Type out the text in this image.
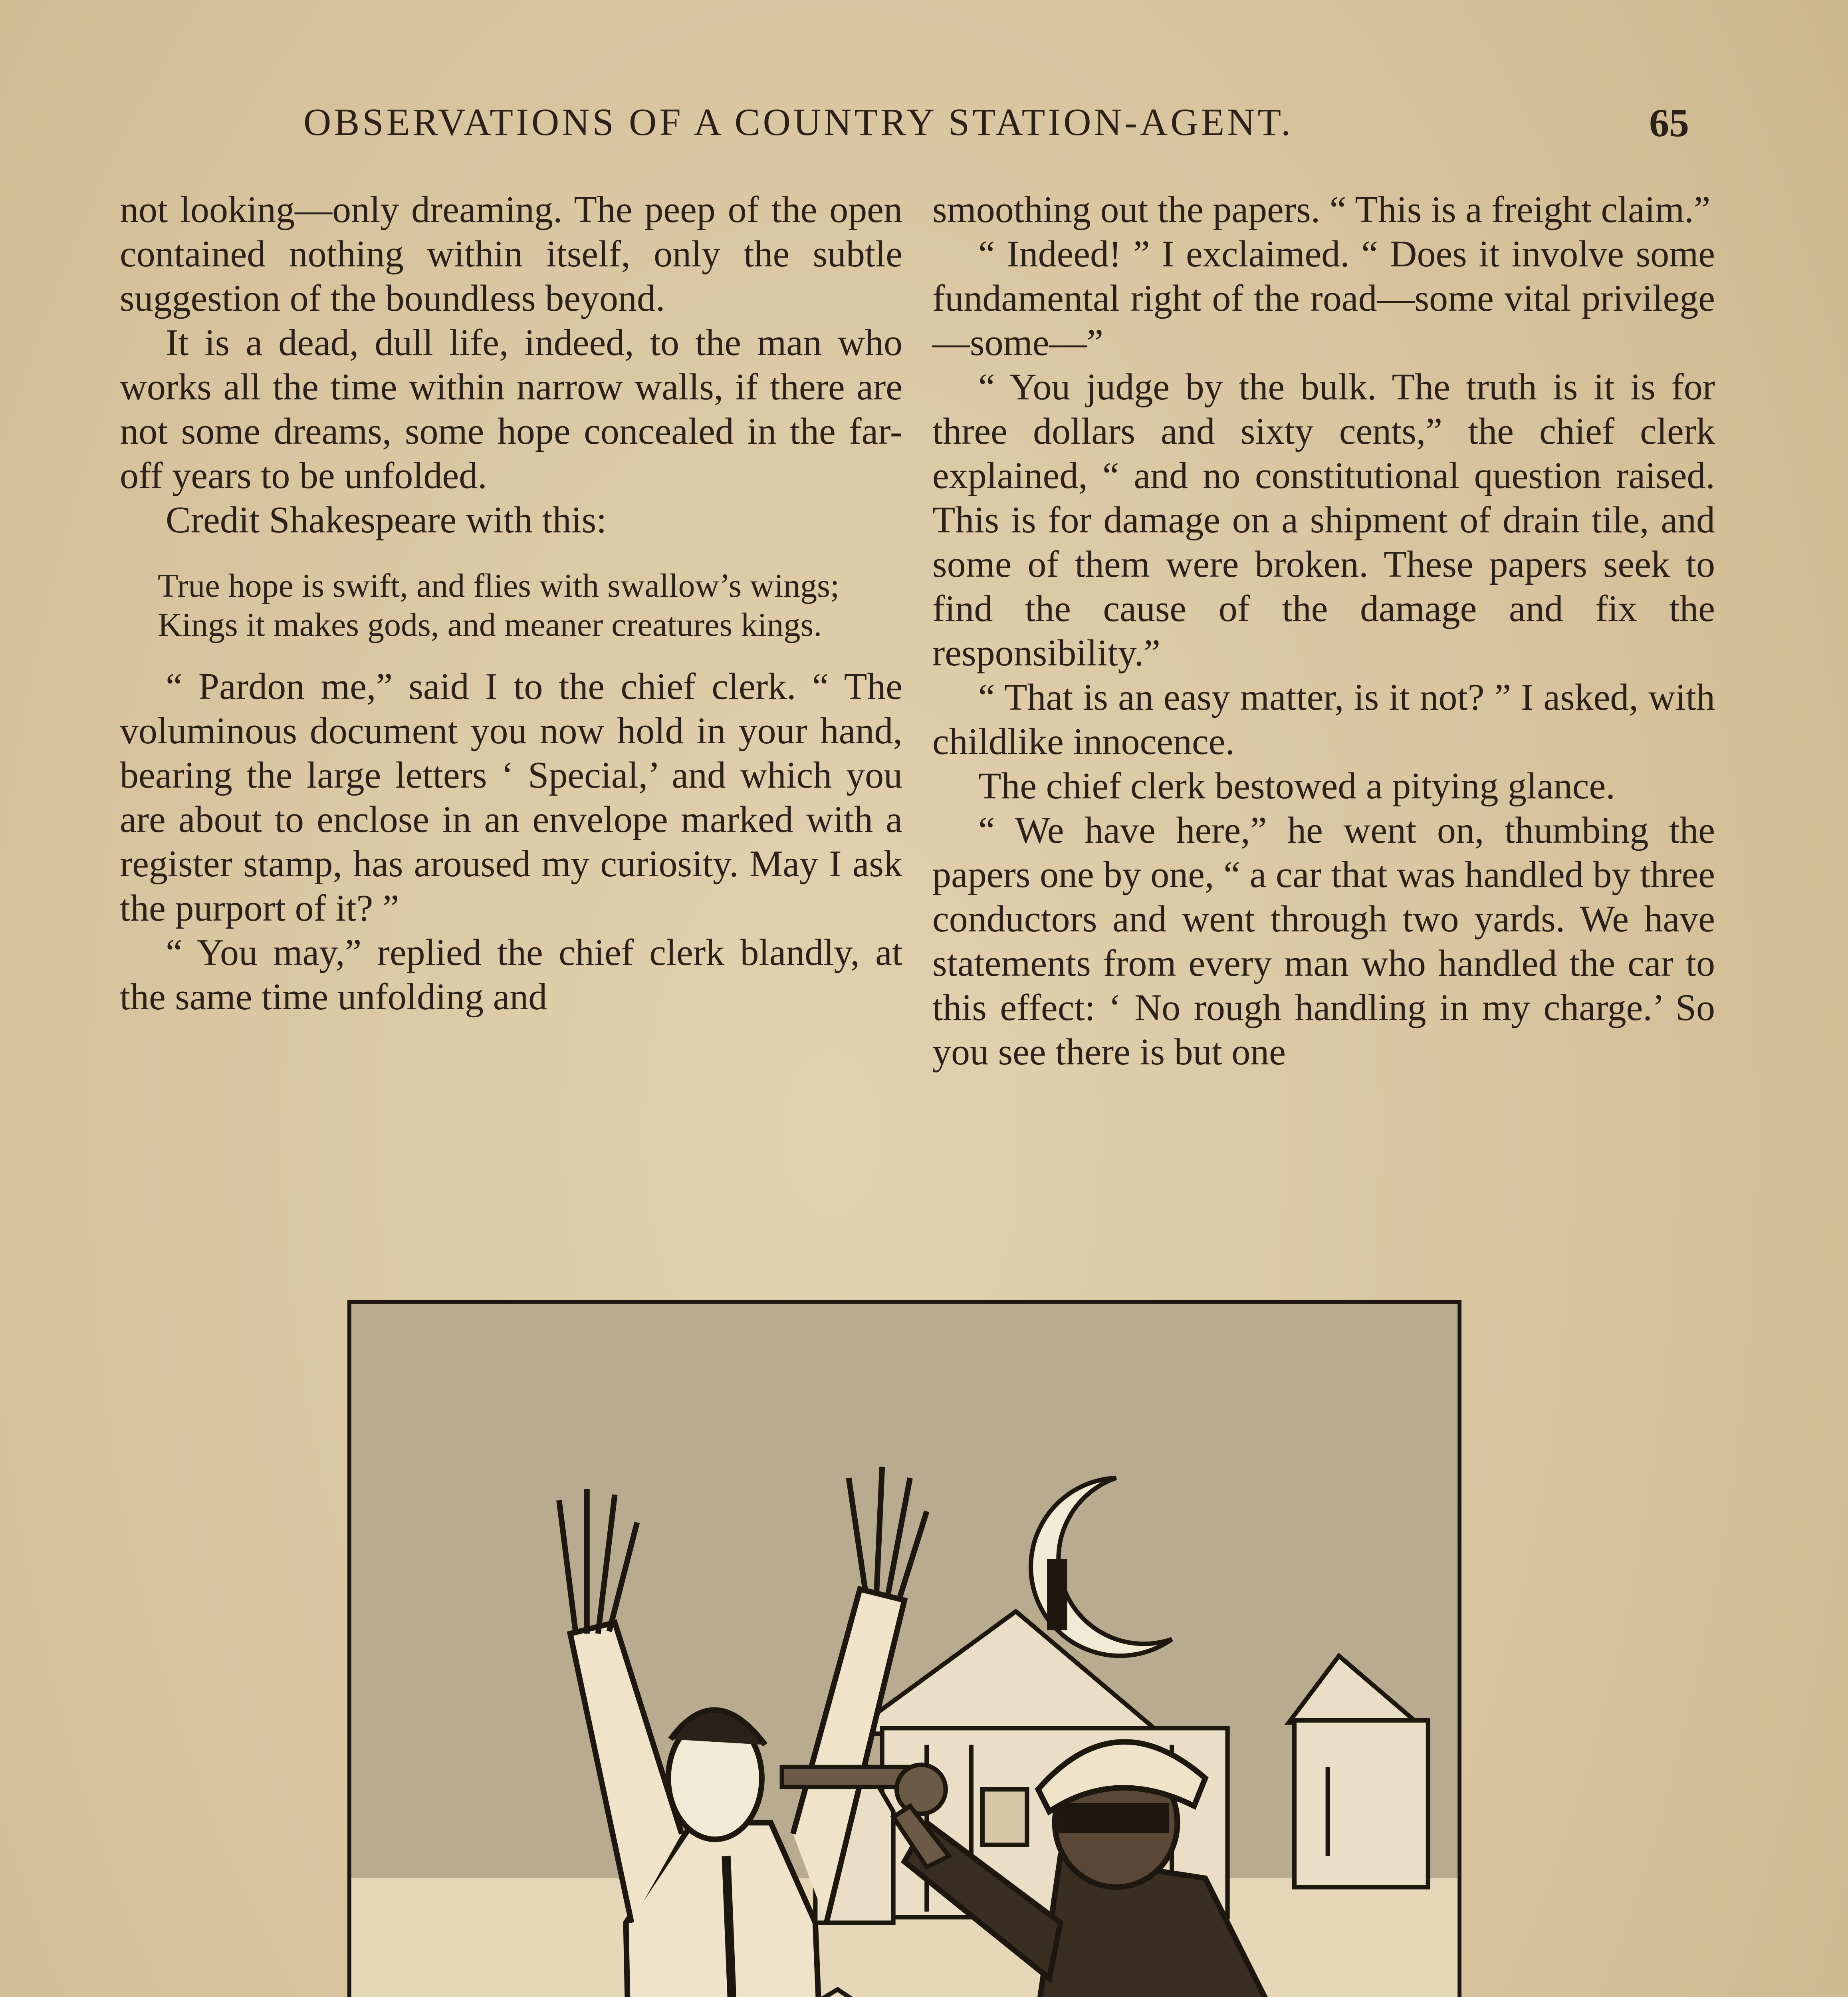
OBSERVATIONS OF A COUNTRY STATION-AGENT.	65

not looking—only dreaming. The peep of the open contained nothing within itself, only the subtle suggestion of the boundless beyond.

It is a dead, dull life, indeed, to the man who works all the time within narrow walls, if there are not some dreams, some hope concealed in the far-off years to be unfolded.

Credit Shakespeare with this:

True hope is swift, and flies with swallow’s wings;
Kings it makes gods, and meaner creatures kings.

“ Pardon me,” said I to the chief clerk. “ The voluminous document you now hold in your hand, bearing the large letters ‘ Special,’ and which you are about to enclose in an envelope marked with a register stamp, has aroused my curiosity. May I ask the purport of it? ”

“ You may,” replied the chief clerk blandly, at the same time unfolding and

smoothing out the papers. “ This is a freight claim.”

“ Indeed! ” I exclaimed. “ Does it involve some fundamental right of the road—some vital privilege—some—”

“ You judge by the bulk. The truth is it is for three dollars and sixty cents,” the chief clerk explained, “ and no constitutional question raised. This is for damage on a shipment of drain tile, and some of them were broken. These papers seek to find the cause of the damage and fix the responsibility.”

“ That is an easy matter, is it not? ” I asked, with childlike innocence.

The chief clerk bestowed a pitying glance.

“ We have here,” he went on, thumbing the papers one by one, “ a car that was handled by three conductors and went through two yards. We have statements from every man who handled the car to this effect: ‘ No rough handling in my charge.’ So you see there is but one
